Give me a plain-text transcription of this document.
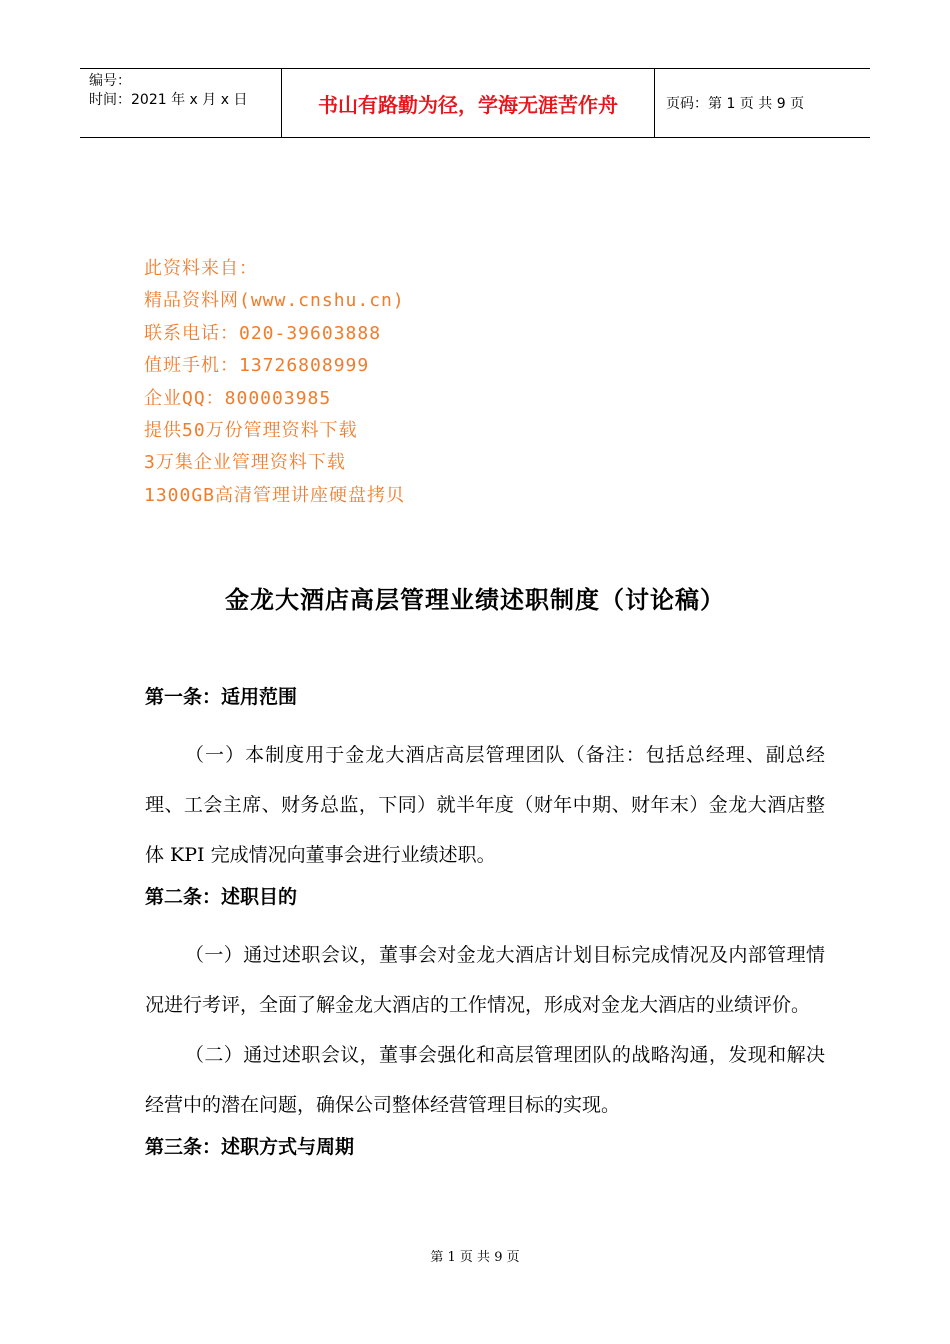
编号：
时间：2021 年 x 月 x 日	书山有路勤为径，学海无涯苦作舟	页码：第 1 页 共 9 页
此资料来自：
精品资料网(www.cnshu.cn)
联系电话：020-39603888
值班手机：13726808999
企业QQ：800003985
提供50万份管理资料下载
3万集企业管理资料下载
1300GB高清管理讲座硬盘拷贝
金龙大酒店高层管理业绩述职制度（讨论稿）
第一条：适用范围

（一）本制度用于金龙大酒店高层管理团队（备注：包括总经理、副总经理、工会主席、财务总监，下同）就半年度（财年中期、财年末）金龙大酒店整体 KPI 完成情况向董事会进行业绩述职。

第二条：述职目的

（一）通过述职会议，董事会对金龙大酒店计划目标完成情况及内部管理情况进行考评，全面了解金龙大酒店的工作情况，形成对金龙大酒店的业绩评价。

（二）通过述职会议，董事会强化和高层管理团队的战略沟通，发现和解决经营中的潜在问题，确保公司整体经营管理目标的实现。

第三条：述职方式与周期
第 1 页 共 9 页
